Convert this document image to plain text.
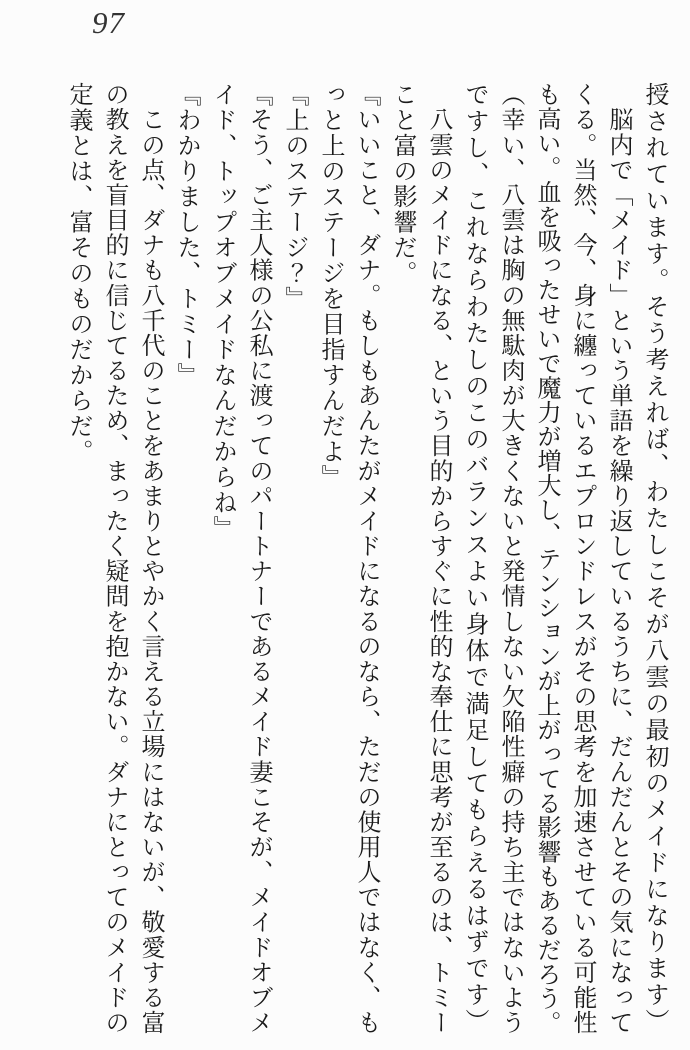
97
授されています。そう考えれば、わたしこそが八雲の最初のメイドになります）
　脳内で「メイド」という単語を繰り返しているうちに、だんだんとその気になって
くる。当然、今、身に纏っているエプロンドレスがその思考を加速させている可能性
も高い。血を吸ったせいで魔力が増大し、テンションが上がってる影響もあるだろう。
（幸い、八雲は胸の無駄肉が大きくないと発情しない欠陥性癖の持ち主ではないよう
ですし、これならわたしのこのバランスよい身体で満足してもらえるはずです）
　八雲のメイドになる、という目的からすぐに性的な奉仕に思考が至るのは、トミー
こと富の影響だ。
『いいこと、ダナ。もしもあんたがメイドになるのなら、ただの使用人ではなく、も
っと上のステージを目指すんだよ』
『上のステージ？』
『そう、ご主人様の公私に渡ってのパートナーであるメイド妻こそが、メイドオブメ
イド、トップオブメイドなんだからね』
『わかりました、トミー』
　この点、ダナも八千代のことをあまりとやかく言える立場にはないが、敬愛する富
の教えを盲目的に信じてるため、まったく疑問を抱かない。ダナにとってのメイドの
定義とは、富そのものだからだ。
